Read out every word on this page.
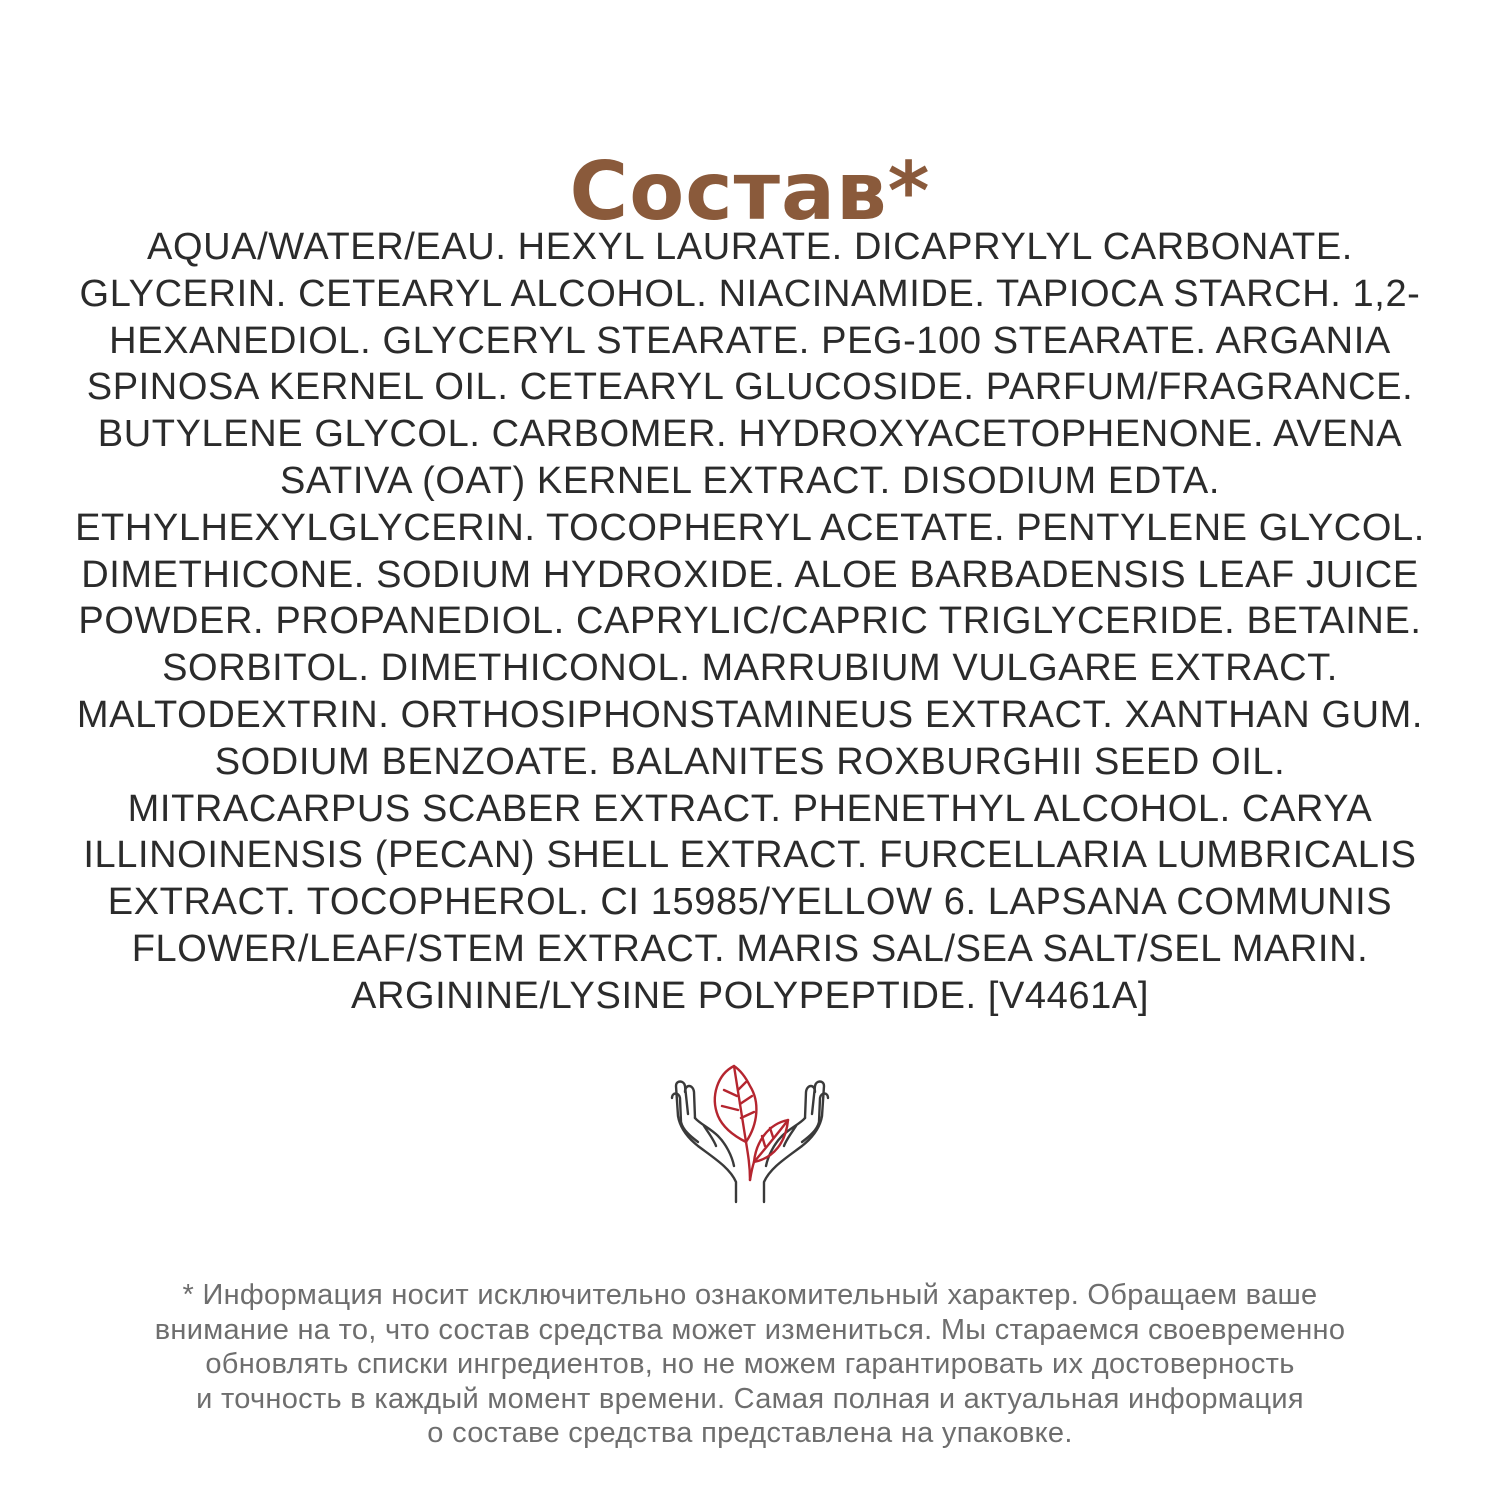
Состав*
AQUA/WATER/EAU. HEXYL LAURATE. DICAPRYLYL CARBONATE.
GLYCERIN. CETEARYL ALCOHOL. NIACINAMIDE. TAPIOCA STARCH. 1,2-
HEXANEDIOL. GLYCERYL STEARATE. PEG-100 STEARATE. ARGANIA
SPINOSA KERNEL OIL. CETEARYL GLUCOSIDE. PARFUM/FRAGRANCE.
BUTYLENE GLYCOL. CARBOMER. HYDROXYACETOPHENONE. AVENA
SATIVA (OAT) KERNEL EXTRACT. DISODIUM EDTA.
ETHYLHEXYLGLYCERIN. TOCOPHERYL ACETATE. PENTYLENE GLYCOL.
DIMETHICONE. SODIUM HYDROXIDE. ALOE BARBADENSIS LEAF JUICE
POWDER. PROPANEDIOL. CAPRYLIC/CAPRIC TRIGLYCERIDE. BETAINE.
SORBITOL. DIMETHICONOL. MARRUBIUM VULGARE EXTRACT.
MALTODEXTRIN. ORTHOSIPHONSTAMINEUS EXTRACT. XANTHAN GUM.
SODIUM BENZOATE. BALANITES ROXBURGHII SEED OIL.
MITRACARPUS SCABER EXTRACT. PHENETHYL ALCOHOL. CARYA
ILLINOINENSIS (PECAN) SHELL EXTRACT. FURCELLARIA LUMBRICALIS
EXTRACT. TOCOPHEROL. CI 15985/YELLOW 6. LAPSANA COMMUNIS
FLOWER/LEAF/STEM EXTRACT. MARIS SAL/SEA SALT/SEL MARIN.
ARGININE/LYSINE POLYPEPTIDE. [V4461A]
* Информация носит исключительно ознакомительный характер. Обращаем ваше
внимание на то, что состав средства может измениться. Мы стараемся своевременно
обновлять списки ингредиентов, но не можем гарантировать их достоверность
и точность в каждый момент времени. Самая полная и актуальная информация
о составе средства представлена на упаковке.
